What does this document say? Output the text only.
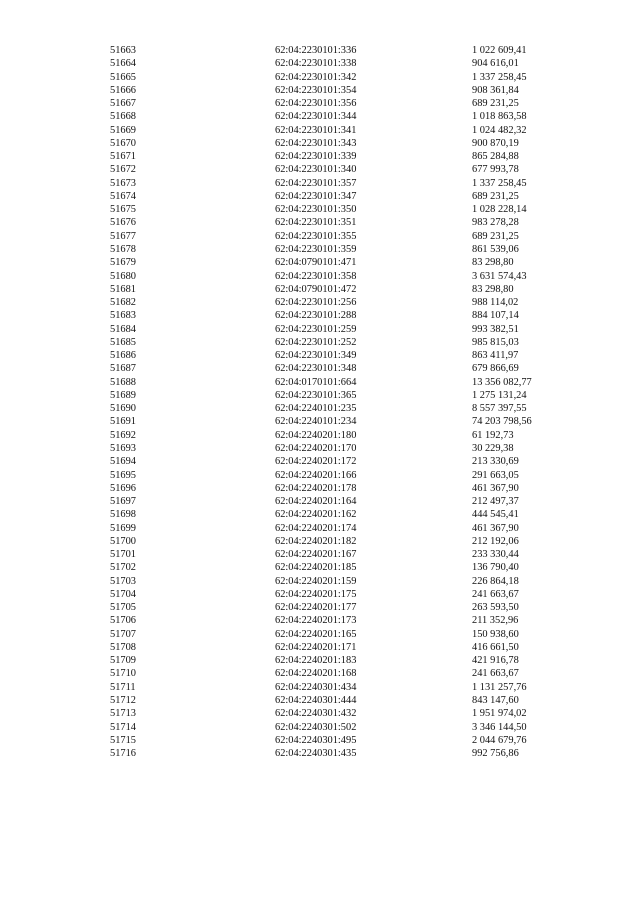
51663	62:04:2230101:336	1 022 609,41
51664	62:04:2230101:338	904 616,01
51665	62:04:2230101:342	1 337 258,45
51666	62:04:2230101:354	908 361,84
51667	62:04:2230101:356	689 231,25
51668	62:04:2230101:344	1 018 863,58
51669	62:04:2230101:341	1 024 482,32
51670	62:04:2230101:343	900 870,19
51671	62:04:2230101:339	865 284,88
51672	62:04:2230101:340	677 993,78
51673	62:04:2230101:357	1 337 258,45
51674	62:04:2230101:347	689 231,25
51675	62:04:2230101:350	1 028 228,14
51676	62:04:2230101:351	983 278,28
51677	62:04:2230101:355	689 231,25
51678	62:04:2230101:359	861 539,06
51679	62:04:0790101:471	83 298,80
51680	62:04:2230101:358	3 631 574,43
51681	62:04:0790101:472	83 298,80
51682	62:04:2230101:256	988 114,02
51683	62:04:2230101:288	884 107,14
51684	62:04:2230101:259	993 382,51
51685	62:04:2230101:252	985 815,03
51686	62:04:2230101:349	863 411,97
51687	62:04:2230101:348	679 866,69
51688	62:04:0170101:664	13 356 082,77
51689	62:04:2230101:365	1 275 131,24
51690	62:04:2240101:235	8 557 397,55
51691	62:04:2240101:234	74 203 798,56
51692	62:04:2240201:180	61 192,73
51693	62:04:2240201:170	30 229,38
51694	62:04:2240201:172	213 330,69
51695	62:04:2240201:166	291 663,05
51696	62:04:2240201:178	461 367,90
51697	62:04:2240201:164	212 497,37
51698	62:04:2240201:162	444 545,41
51699	62:04:2240201:174	461 367,90
51700	62:04:2240201:182	212 192,06
51701	62:04:2240201:167	233 330,44
51702	62:04:2240201:185	136 790,40
51703	62:04:2240201:159	226 864,18
51704	62:04:2240201:175	241 663,67
51705	62:04:2240201:177	263 593,50
51706	62:04:2240201:173	211 352,96
51707	62:04:2240201:165	150 938,60
51708	62:04:2240201:171	416 661,50
51709	62:04:2240201:183	421 916,78
51710	62:04:2240201:168	241 663,67
51711	62:04:2240301:434	1 131 257,76
51712	62:04:2240301:444	843 147,60
51713	62:04:2240301:432	1 951 974,02
51714	62:04:2240301:502	3 346 144,50
51715	62:04:2240301:495	2 044 679,76
51716	62:04:2240301:435	992 756,86
